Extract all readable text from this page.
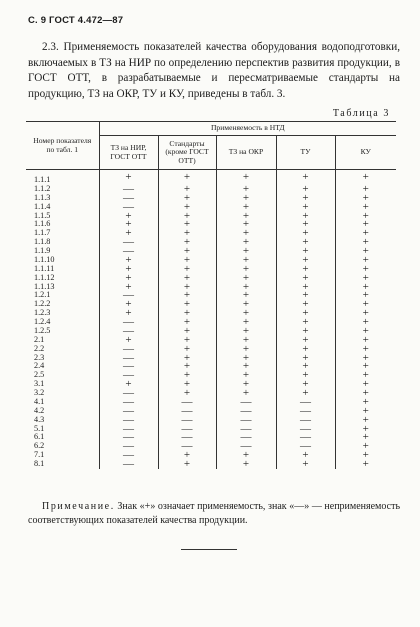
С. 9 ГОСТ 4.472—87
2.3. Применяемость показателей качества оборудования водоподготовки, включаемых в ТЗ на НИР по определению перспектив развития продукции, в ГОСТ ОТТ, в разрабатываемые и пересматриваемые стандарты на продукцию, ТЗ на ОКР, ТУ и КУ, приведены в табл. 3.
Таблица 3
Номер показателя по табл. 1	Применяемость в НТД				
	ТЗ на НИР, ГОСТ ОТТ	Стандарты (кроме ГОСТ ОТТ)	ТЗ на ОКР	ТУ	КУ
1.1.1	+	+	+	+	+
1.1.2	—	+	+	+	+
1.1.3	—	+	+	+	+
1.1.4	—	+	+	+	+
1.1.5	+	+	+	+	+
1.1.6	+	+	+	+	+
1.1.7	+	+	+	+	+
1.1.8	—	+	+	+	+
1.1.9	—	+	+	+	+
1.1.10	+	+	+	+	+
1.1.11	+	+	+	+	+
1.1.12	+	+	+	+	+
1.1.13	+	+	+	+	+
1.2.1	—	+	+	+	+
1.2.2	+	+	+	+	+
1.2.3	+	+	+	+	+
1.2.4	—	+	+	+	+
1.2.5	—	+	+	+	+
2.1	+	+	+	+	+
2.2	—	+	+	+	+
2.3	—	+	+	+	+
2.4	—	+	+	+	+
2.5	—	+	+	+	+
3.1	+	+	+	+	+
3.2	—	+	+	+	+
4.1	—	—	—	—	+
4.2	—	—	—	—	+
4.3	—	—	—	—	+
5.1	—	—	—	—	+
6.1	—	—	—	—	+
6.2	—	—	—	—	+
7.1	—	+	+	+	+
8.1	—	+	+	+	+
Примечание. Знак «+» означает применяемость, знак «—» — неприменяемость соответствующих показателей качества продукции.
